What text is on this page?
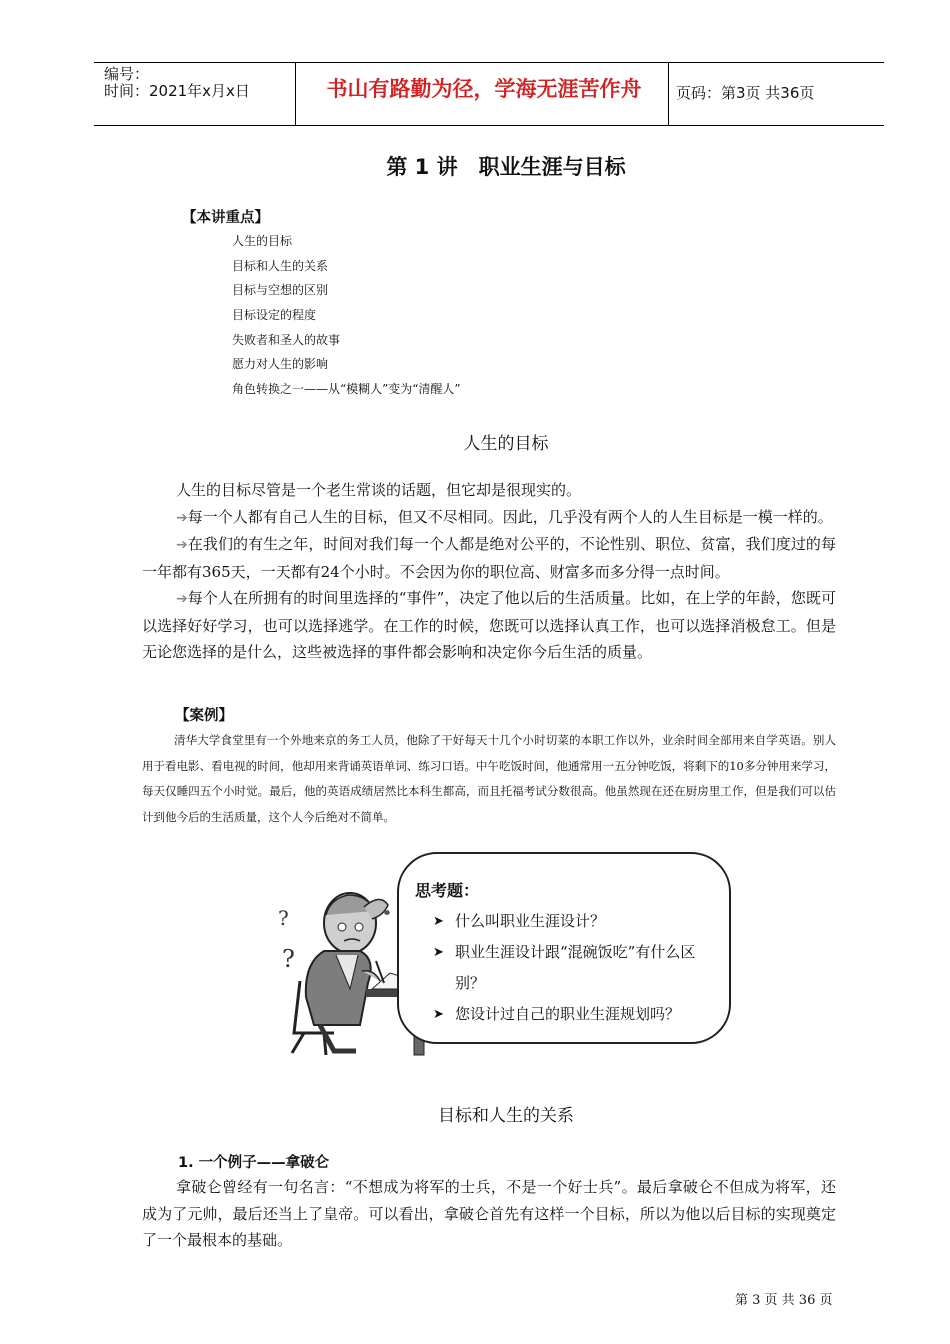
编号：
时间：2021年x月x日	书山有路勤为径，学海无涯苦作舟	页码：第3页 共36页
第 1 讲　职业生涯与目标
【本讲重点】
人生的目标
目标和人生的关系
目标与空想的区别
目标设定的程度
失败者和圣人的故事
愿力对人生的影响
角色转换之一——从“模糊人”变为“清醒人”
人生的目标
人生的目标尽管是一个老生常谈的话题，但它却是很现实的。
➔每一个人都有自己人生的目标，但又不尽相同。因此，几乎没有两个人的人生目标是一模一样的。
➔在我们的有生之年，时间对我们每一个人都是绝对公平的，不论性别、职位、贫富，我们度过的每一年都有365天，一天都有24个小时。不会因为你的职位高、财富多而多分得一点时间。
➔每个人在所拥有的时间里选择的“事件”，决定了他以后的生活质量。比如，在上学的年龄，您既可以选择好好学习，也可以选择逃学。在工作的时候，您既可以选择认真工作，也可以选择消极怠工。但是无论您选择的是什么，这些被选择的事件都会影响和决定你今后生活的质量。
【案例】
清华大学食堂里有一个外地来京的务工人员，他除了干好每天十几个小时切菜的本职工作以外，业余时间全部用来自学英语。别人用于看电影、看电视的时间，他却用来背诵英语单词、练习口语。中午吃饭时间，他通常用一五分钟吃饭，将剩下的10多分钟用来学习，每天仅睡四五个小时觉。最后，他的英语成绩居然比本科生都高，而且托福考试分数很高。他虽然现在还在厨房里工作，但是我们可以估计到他今后的生活质量，这个人今后绝对不简单。
?
?
思考题：
➤ 什么叫职业生涯设计？
➤ 职业生涯设计跟“混碗饭吃”有什么区别？
➤ 您设计过自己的职业生涯规划吗？
目标和人生的关系
1. 一个例子——拿破仑
拿破仑曾经有一句名言：“不想成为将军的士兵，不是一个好士兵”。最后拿破仑不但成为将军，还成为了元帅，最后还当上了皇帝。可以看出，拿破仑首先有这样一个目标，所以为他以后目标的实现奠定了一个最根本的基础。
第 3 页 共 36 页
